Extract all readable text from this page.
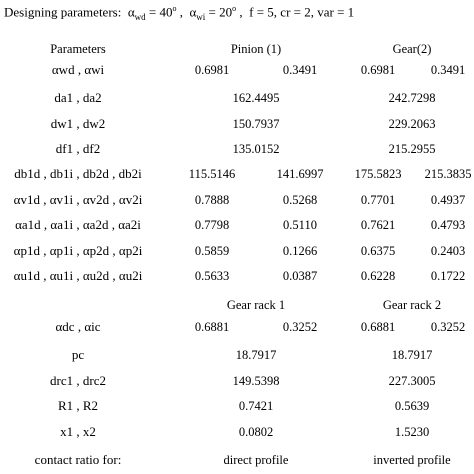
Designing parameters:  $\alpha_{wd} = 40^o$ ,  $\alpha_{wi} = 20^o$ ,  f = 5, cr = 2, var = 1
Parameters	Pinion (1)	Gear(2)
αwd , αwi	0.6981	0.3491	0.6981	0.3491
da1 , da2	162.4495	242.7298
dw1 , dw2	150.7937	229.2063
df1 , df2	135.0152	215.2955
db1d , db1i , db2d , db2i	115.5146	141.6997 175.5823 215.3835
αv1d , αv1i , αv2d , αv2i	0.7888	0.5268	0.7701	0.4937
αa1d , αa1i , αa2d , αa2i	0.7798	0.5110	0.7621	0.4793
αp1d , αp1i , αp2d , αp2i	0.5859	0.1266	0.6375	0.2403
αu1d , αu1i , αu2d , αu2i	0.5633	0.0387	0.6228	0.1722
Gear rack 1	Gear rack 2
αdc , αic	0.6881	0.3252	0.6881	0.3252
pc	18.7917	18.7917
drc1 , drc2	149.5398	227.3005
R1 , R2	0.7421	0.5639
x1 , x2	0.0802	1.5230
contact ratio for:	direct profile	inverted profile
